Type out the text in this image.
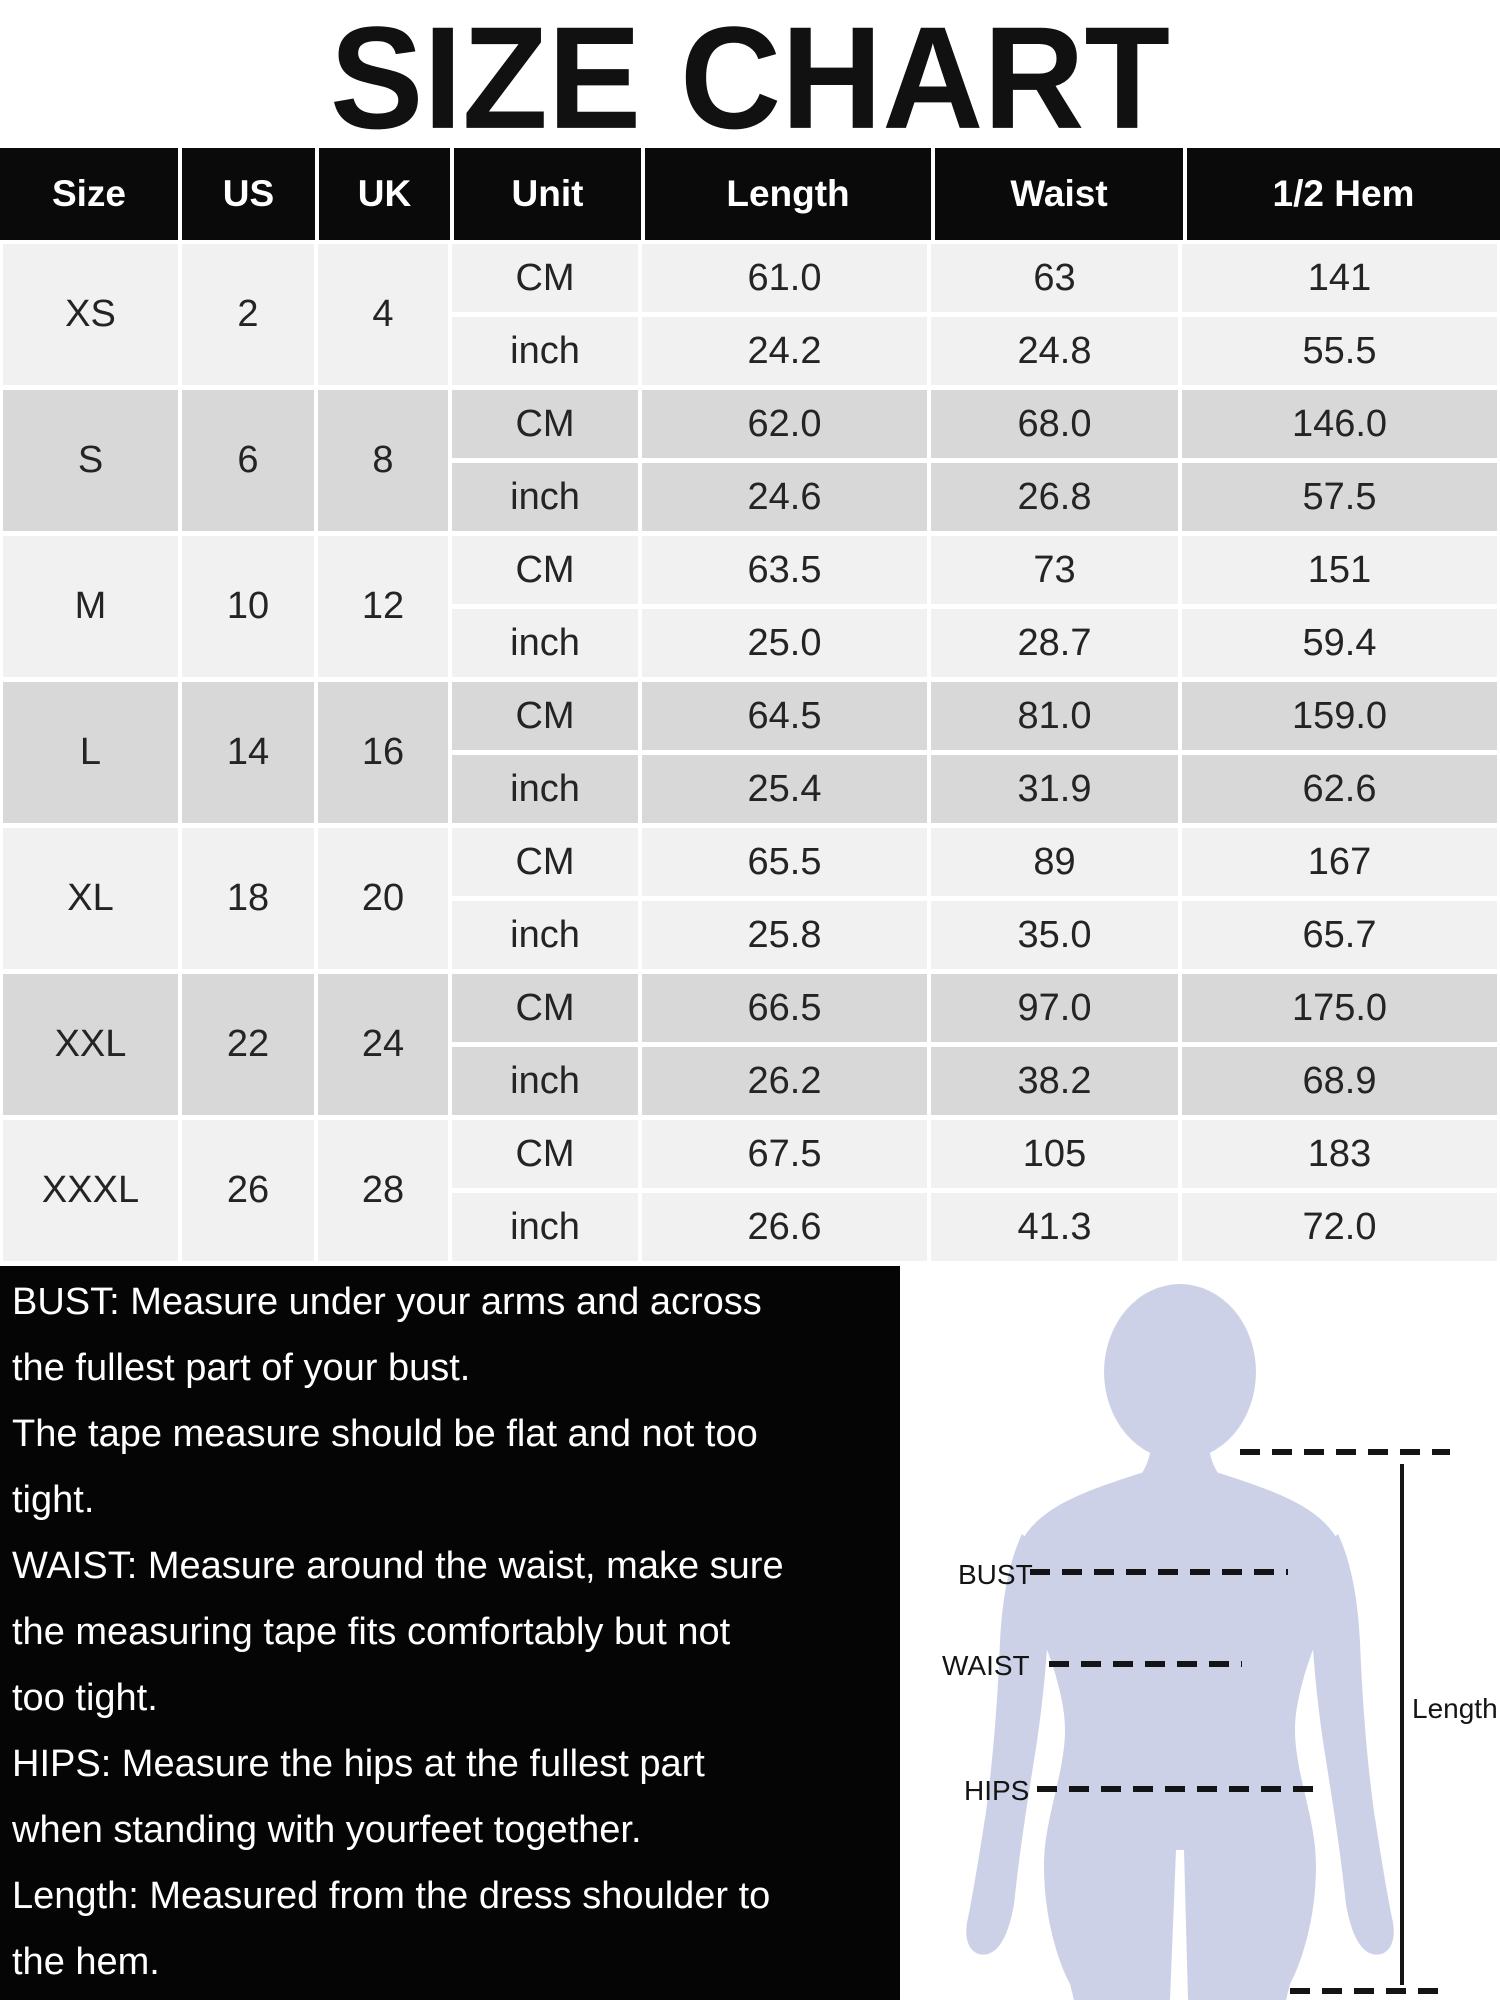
SIZE CHART
Size	US	UK	Unit	Length	Waist	1/2 Hem
XS	2	4
CM	61.0	63	141
inch	24.2	24.8	55.5
S	6	8
CM	62.0	68.0	146.0
inch	24.6	26.8	57.5
M	10	12
CM	63.5	73	151
inch	25.0	28.7	59.4
L	14	16
CM	64.5	81.0	159.0
inch	25.4	31.9	62.6
XL	18	20
CM	65.5	89	167
inch	25.8	35.0	65.7
XXL	22	24
CM	66.5	97.0	175.0
inch	26.2	38.2	68.9
XXXL	26	28
CM	67.5	105	183
inch	26.6	41.3	72.0
BUST: Measure under your arms and across
the fullest part of your bust.
The tape measure should be flat and not too
tight.
WAIST: Measure around the waist, make sure
the measuring tape fits comfortably but not
too tight.
HIPS: Measure the hips at the fullest part
when standing with yourfeet together.
Length: Measured from the dress shoulder to
the hem.
BUST
WAIST
HIPS
Length
